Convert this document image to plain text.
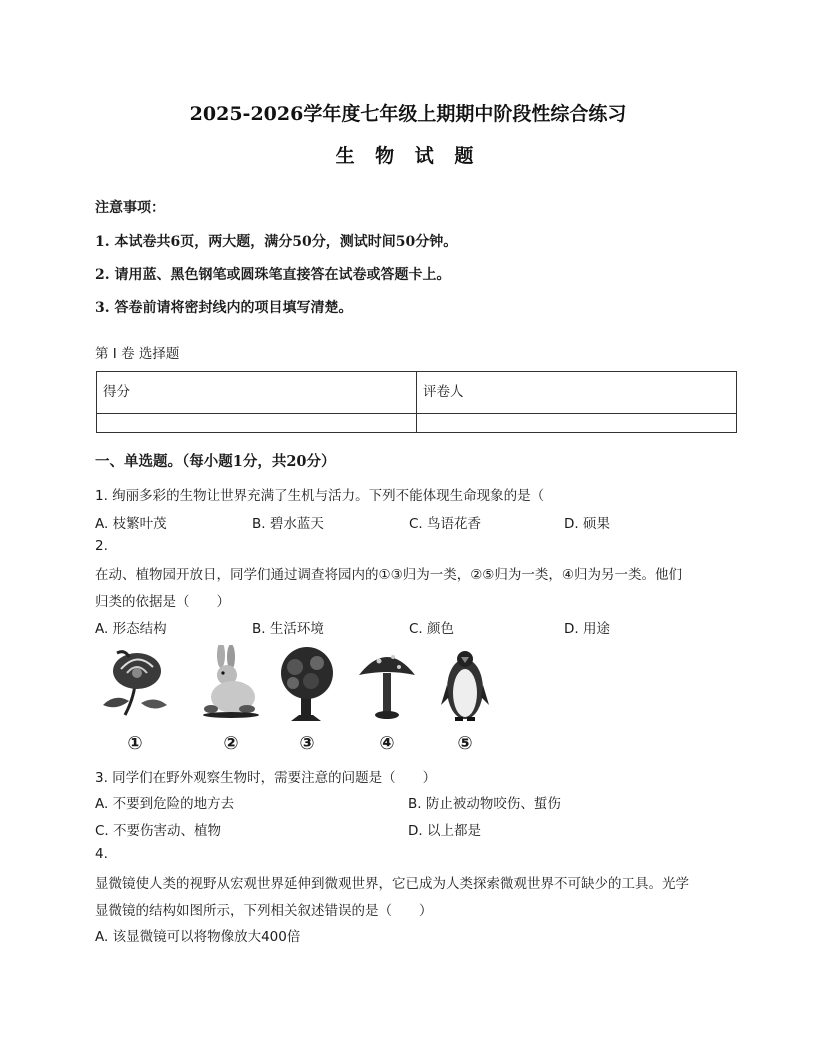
2025-2026学年度七年级上期期中阶段性综合练习
生 物 试 题
注意事项：
1. 本试卷共6页，两大题，满分50分，测试时间50分钟。
2. 请用蓝、黑色钢笔或圆珠笔直接答在试卷或答题卡上。
3. 答卷前请将密封线内的项目填写清楚。
第 I 卷 选择题
得分	评卷人

一、单选题。（每小题1分，共20分）
1. 绚丽多彩的生物让世界充满了生机与活力。下列不能体现生命现象的是（
A. 枝繁叶茂	B. 碧水蓝天	C. 鸟语花香	D. 硕果
2.
在动、植物园开放日，同学们通过调查将园内的①③归为一类，②⑤归为一类，④归为另一类。他们
归类的依据是（　　）
A. 形态结构	B. 生活环境	C. 颜色	D. 用途
①	②	③	④	⑤
3. 同学们在野外观察生物时，需要注意的问题是（　　）
A. 不要到危险的地方去	B. 防止被动物咬伤、蜇伤
C. 不要伤害动、植物	D. 以上都是
4.
显微镜使人类的视野从宏观世界延伸到微观世界，它已成为人类探索微观世界不可缺少的工具。光学
显微镜的结构如图所示，下列相关叙述错误的是（　　）
A. 该显微镜可以将物像放大400倍
